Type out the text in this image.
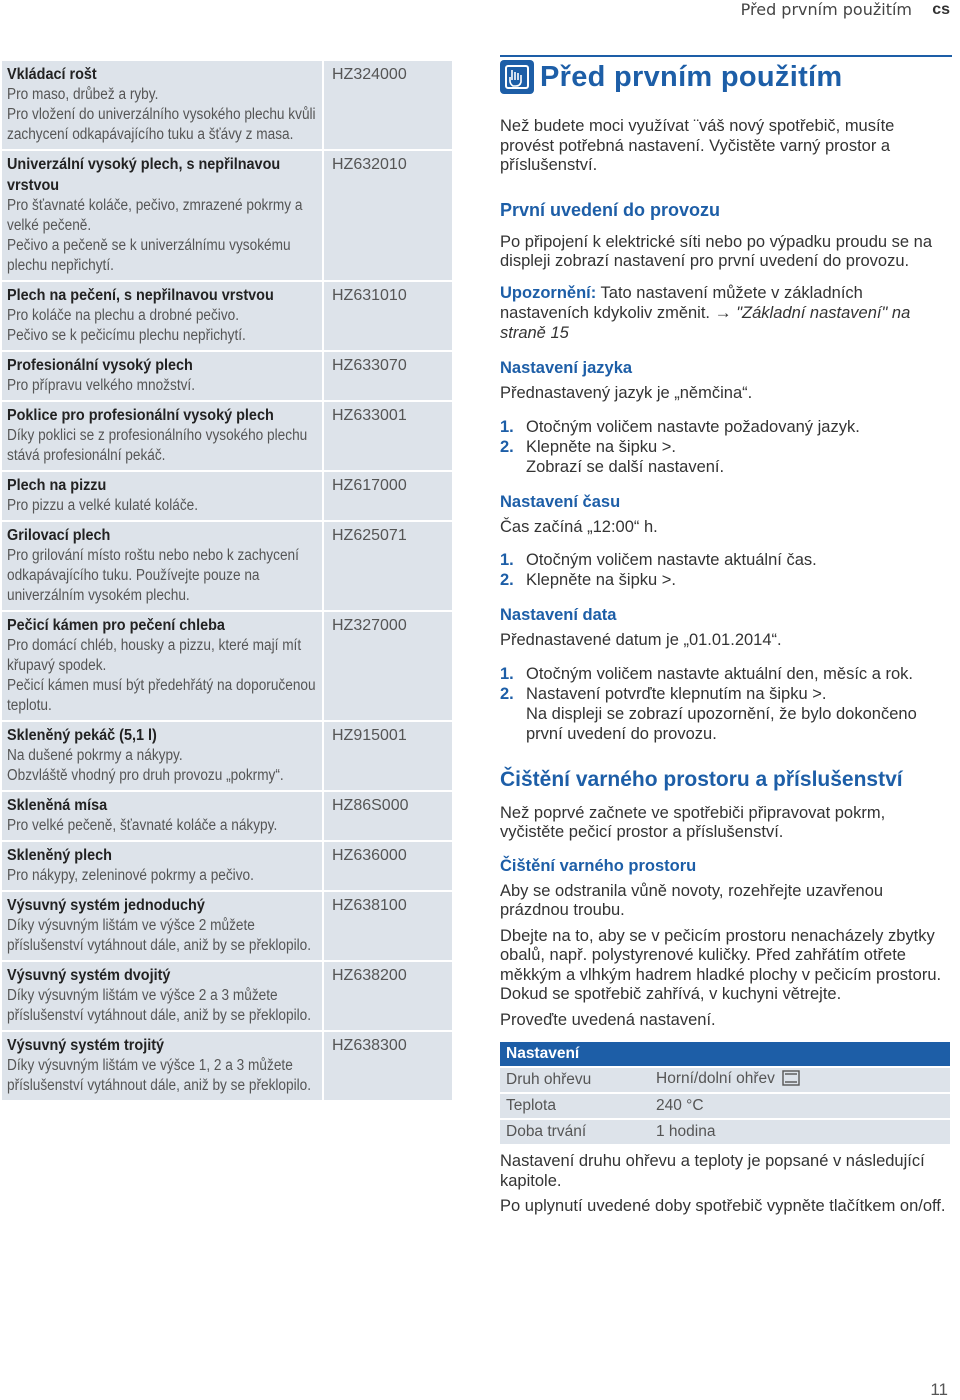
Před prvním použitím cs
Vkládací rošt
Pro maso, drůbež a ryby.
Pro vložení do univerzálního vysokého plechu kvůli zachycení odkapávajícího tuku a šťávy z masa.
HZ324000
Univerzální vysoký plech, s nepřilnavou vrstvou
Pro šťavnaté koláče, pečivo, zmrazené pokrmy a velké pečeně.
Pečivo a pečeně se k univerzálnímu vysokému plechu nepřichytí.
HZ632010
Plech na pečení, s nepřilnavou vrstvou
Pro koláče na plechu a drobné pečivo.
Pečivo se k pečicímu plechu nepřichytí.
HZ631010
Profesionální vysoký plech
Pro přípravu velkého množství.
HZ633070
Poklice pro profesionální vysoký plech
Díky poklici se z profesionálního vysokého plechu stává profesionální pekáč.
HZ633001
Plech na pizzu
Pro pizzu a velké kulaté koláče.
HZ617000
Grilovací plech
Pro grilování místo roštu nebo nebo k zachycení odkapávajícího tuku. Používejte pouze na univerzálním vysokém plechu.
HZ625071
Pečicí kámen pro pečení chleba
Pro domácí chléb, housky a pizzu, které mají mít křupavý spodek.
Pečicí kámen musí být předehřátý na doporučenou teplotu.
HZ327000
Skleněný pekáč (5,1 l)
Na dušené pokrmy a nákypy.
Obzvláště vhodný pro druh provozu „pokrmy“.
HZ915001
Skleněná mísa
Pro velké pečeně, šťavnaté koláče a nákypy.
HZ86S000
Skleněný plech
Pro nákypy, zeleninové pokrmy a pečivo.
HZ636000
Výsuvný systém jednoduchý
Díky výsuvným lištám ve výšce 2 můžete příslušenství vytáhnout dále, aniž by se překlopilo.
HZ638100
Výsuvný systém dvojitý
Díky výsuvným lištám ve výšce 2 a 3 můžete příslušenství vytáhnout dále, aniž by se překlopilo.
HZ638200
Výsuvný systém trojitý
Díky výsuvným lištám ve výšce 1, 2 a 3 můžete příslušenství vytáhnout dále, aniž by se překlopilo.
HZ638300
Před prvním použitím

Než budete moci využívat ¨váš nový spotřebič, musíte provést potřebná nastavení. Vyčistěte varný prostor a příslušenství.

První uvedení do provozu

Po připojení k elektrické síti nebo po výpadku proudu se na displeji zobrazí nastavení pro první uvedení do provozu.

Upozornění: Tato nastavení můžete v základních nastaveních kdykoliv změnit. → "Základní nastavení" na straně 15

Nastavení jazyka

Přednastavený jazyk je „němčina“.

1. Otočným voličem nastavte požadovaný jazyk.
2. Klepněte na šipku >.
Zobrazí se další nastavení.

Nastavení času

Čas začíná „12:00“ h.

1. Otočným voličem nastavte aktuální čas.
2. Klepněte na šipku >.

Nastavení data

Přednastavené datum je „01.01.2014“.

1. Otočným voličem nastavte aktuální den, měsíc a rok.
2. Nastavení potvrďte klepnutím na šipku >.
Na displeji se zobrazí upozornění, že bylo dokončeno první uvedení do provozu.

Čištění varného prostoru a příslušenství

Než poprvé začnete ve spotřebiči připravovat pokrm, vyčistěte pečicí prostor a příslušenství.

Čištění varného prostoru

Aby se odstranila vůně novoty, rozehřejte uzavřenou prázdnou troubu.

Dbejte na to, aby se v pečicím prostoru nenacházely zbytky obalů, např. polystyrenové kuličky. Před zahřátím otřete měkkým a vlhkým hadrem hladké plochy v pečicím prostoru. Dokud se spotřebič zahřívá, v kuchyni větrejte.

Proveďte uvedená nastavení.

Nastavení	
Druh ohřevu	Horní/dolní ohřev
Teplota	240 °C
Doba trvání	1 hodina

Nastavení druhu ohřevu a teploty je popsané v následující kapitole.

Po uplynutí uvedené doby spotřebič vypněte tlačítkem on/off.

11
